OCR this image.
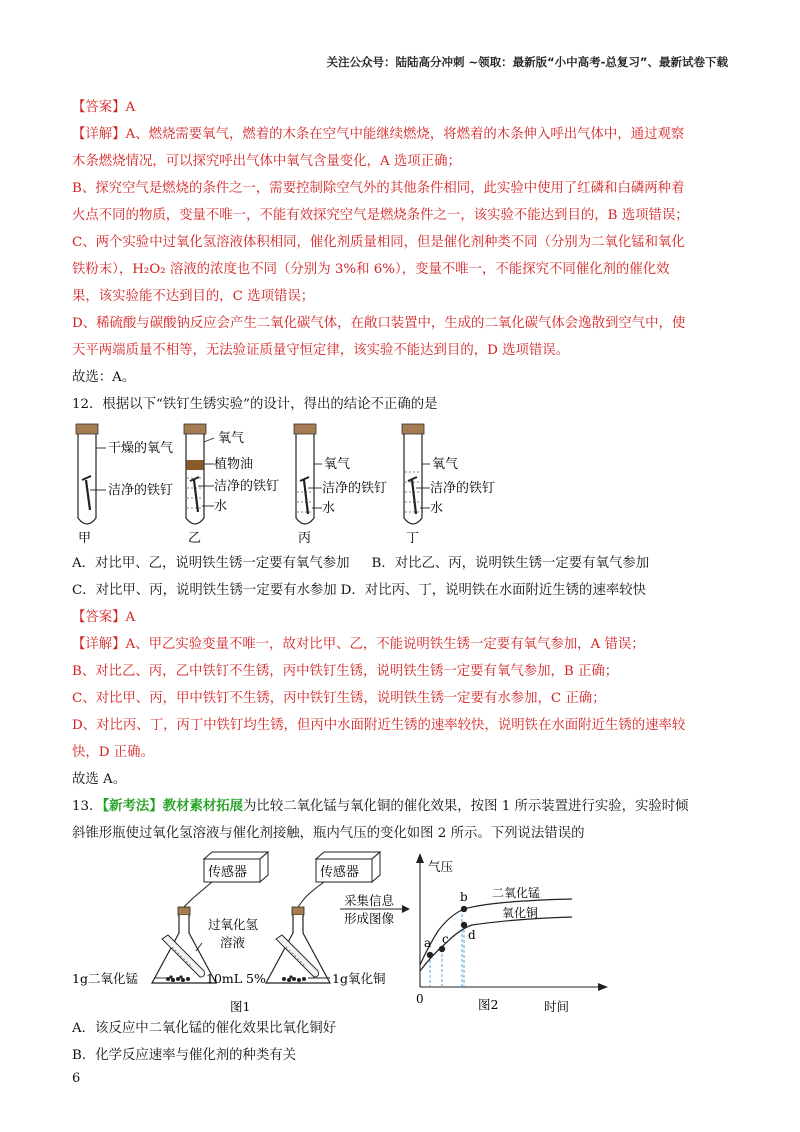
关注公众号：陆陆高分冲刺 ~领取：最新版“小中高考-总复习”、最新试卷下载
【答案】A
【详解】A、燃烧需要氧气，燃着的木条在空气中能继续燃烧，将燃着的木条伸入呼出气体中，通过观察
木条燃烧情况，可以探究呼出气体中氧气含量变化，A 选项正确；
B、探究空气是燃烧的条件之一，需要控制除空气外的其他条件相同，此实验中使用了红磷和白磷两种着
火点不同的物质，变量不唯一，不能有效探究空气是燃烧条件之一，该实验不能达到目的，B 选项错误；
C、两个实验中过氧化氢溶液体积相同，催化剂质量相同，但是催化剂种类不同（分别为二氧化锰和氧化
铁粉末），H₂O₂ 溶液的浓度也不同（分别为 3%和 6%），变量不唯一，不能探究不同催化剂的催化效
果，该实验能不达到目的，C 选项错误；
D、稀硫酸与碳酸钠反应会产生二氧化碳气体，在敞口装置中，生成的二氧化碳气体会逸散到空气中，使
天平两端质量不相等，无法验证质量守恒定律，该实验不能达到目的，D 选项错误。
故选：A。
12．根据以下“铁钉生锈实验”的设计，得出的结论不正确的是
干燥的氧气
洁净的铁钉
甲
氧气
植物油
洁净的铁钉
水
乙
氧气
洁净的铁钉
水
丙
氧气
洁净的铁钉
水
丁
A．对比甲、乙，说明铁生锈一定要有氧气参加 B．对比乙、丙，说明铁生锈一定要有氧气参加
C．对比甲、丙，说明铁生锈一定要有水参加 D．对比丙、丁，说明铁在水面附近生锈的速率较快
【答案】A
【详解】A、甲乙实验变量不唯一，故对比甲、乙，不能说明铁生锈一定要有氧气参加，A 错误；
B、对比乙、丙，乙中铁钉不生锈，丙中铁钉生锈，说明铁生锈一定要有氧气参加，B 正确；
C、对比甲、丙，甲中铁钉不生锈，丙中铁钉生锈，说明铁生锈一定要有水参加，C 正确；
D、对比丙、丁，丙丁中铁钉均生锈，但丙中水面附近生锈的速率较快，说明铁在水面附近生锈的速率较
快，D 正确。
故选 A。
13．【新考法】教材素材拓展为比较二氧化锰与氧化铜的催化效果，按图 1 所示装置进行实验，实验时倾
斜锥形瓶使过氧化氢溶液与催化剂接触，瓶内气压的变化如图 2 所示。下列说法错误的
传感器
1g二氧化锰
过氧化氢
溶液
10mL 5%
传感器
1g氧化铜
图1
采集信息
形成图像
气压
时间
0	图2
a
b
c d
二氧化锰
氧化铜
A．该反应中二氧化锰的催化效果比氧化铜好
B．化学反应速率与催化剂的种类有关
6
